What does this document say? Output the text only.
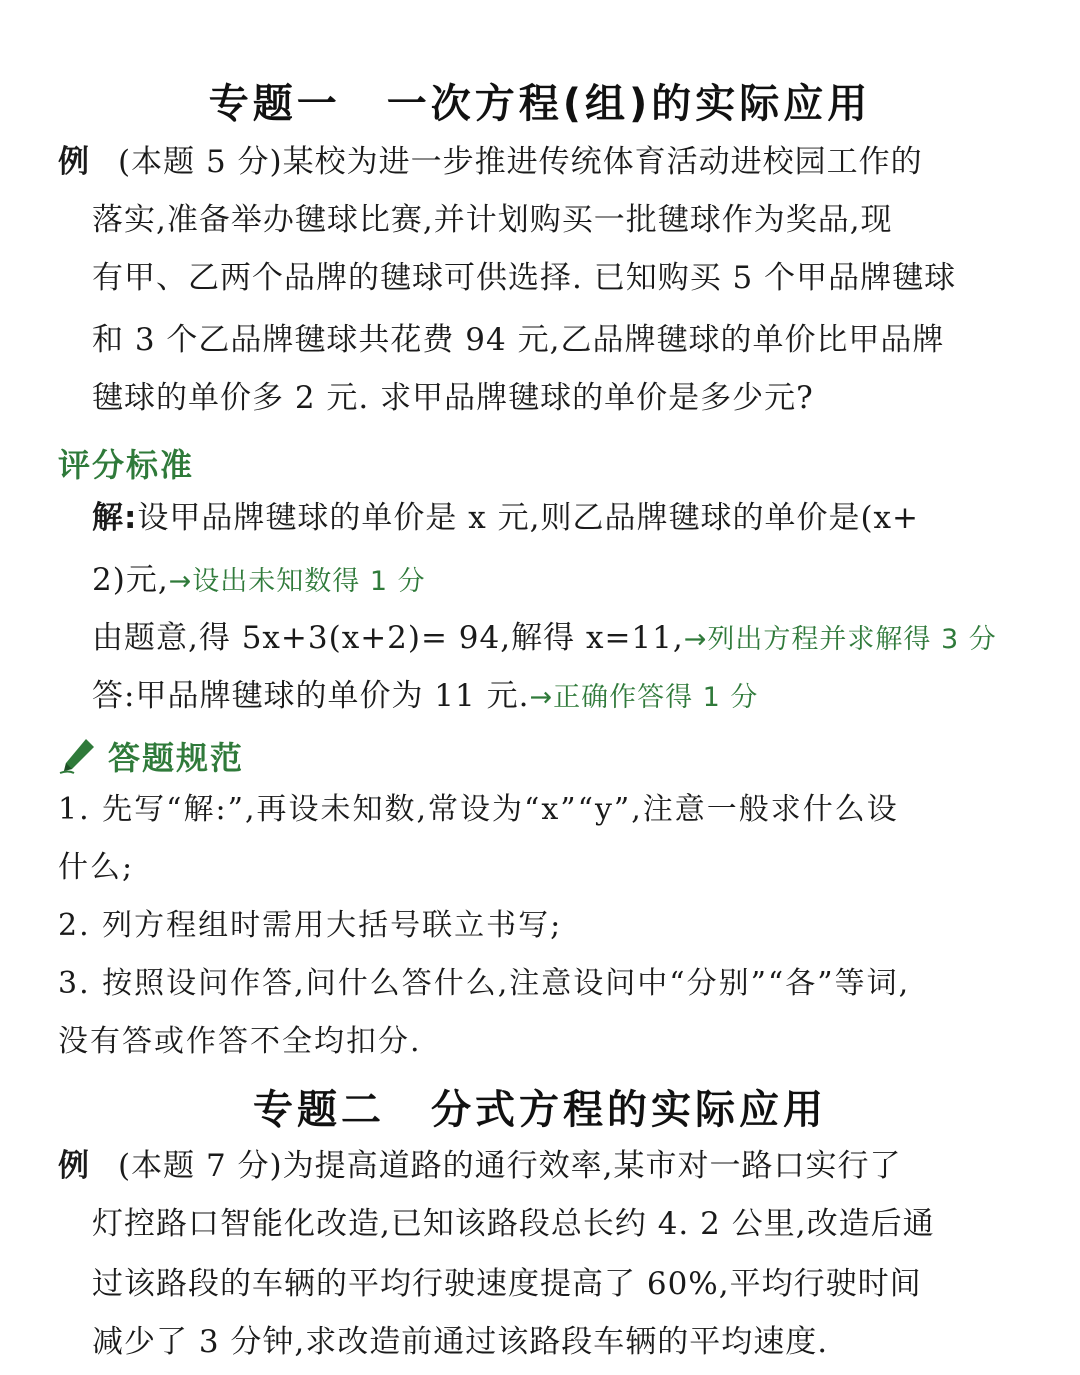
专题一 一次方程(组)的实际应用
例 (本题 5 分)某校为进一步推进传统体育活动进校园工作的
落实,准备举办毽球比赛,并计划购买一批毽球作为奖品,现
有甲、乙两个品牌的毽球可供选择. 已知购买 5 个甲品牌毽球
和 3 个乙品牌毽球共花费 94 元,乙品牌毽球的单价比甲品牌
毽球的单价多 2 元. 求甲品牌毽球的单价是多少元?
评分标准
解:设甲品牌毽球的单价是 x 元,则乙品牌毽球的单价是(x+
2)元,→设出未知数得 1 分
由题意,得 5x+3(x+2)= 94,解得 x=11,→列出方程并求解得 3 分
答:甲品牌毽球的单价为 11 元.→正确作答得 1 分
答题规范
1. 先写“解:”,再设未知数,常设为“x”“y”,注意一般求什么设
什么;
2. 列方程组时需用大括号联立书写;
3. 按照设问作答,问什么答什么,注意设问中“分别”“各”等词,
没有答或作答不全均扣分.
专题二 分式方程的实际应用
例 (本题 7 分)为提高道路的通行效率,某市对一路口实行了
灯控路口智能化改造,已知该路段总长约 4. 2 公里,改造后通
过该路段的车辆的平均行驶速度提高了 60%,平均行驶时间
减少了 3 分钟,求改造前通过该路段车辆的平均速度.
